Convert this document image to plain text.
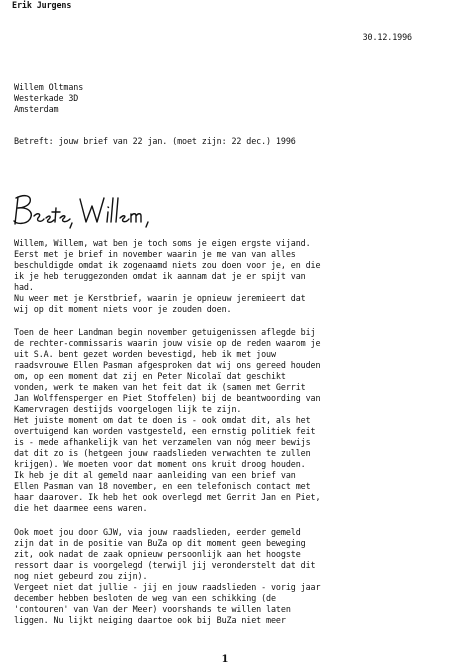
Erik Jurgens
30.12.1996
Willem Oltmans
Westerkade 3D
Amsterdam
Betreft: jouw brief van 22 jan. (moet zijn: 22 dec.) 1996
Willem, Willem, wat ben je toch soms je eigen ergste vijand.
Eerst met je brief in november waarin je me van van alles
beschuldigde omdat ik zogenaamd niets zou doen voor je, en die
ik je heb teruggezonden omdat ik aannam dat je er spijt van
had.
Nu weer met je Kerstbrief, waarin je opnieuw jeremieert dat
wij op dit moment niets voor je zouden doen.
Toen de heer Landman begin november getuigenissen aflegde bij
de rechter-commissaris waarin jouw visie op de reden waarom je
uit S.A. bent gezet worden bevestigd, heb ik met jouw
raadsvrouwe Ellen Pasman afgesproken dat wij ons gereed houden
om, op een moment dat zij en Peter Nicolaï dat geschikt
vonden, werk te maken van het feit dat ik (samen met Gerrit
Jan Wolffensperger en Piet Stoffelen) bij de beantwoording van
Kamervragen destijds voorgelogen lijk te zijn.
Het juiste moment om dat te doen is - ook omdat dit, als het
overtuigend kan worden vastgesteld, een ernstig politiek feit
is - mede afhankelijk van het verzamelen van nóg meer bewijs
dat dit zo is (hetgeen jouw raadslieden verwachten te zullen
krijgen). We moeten voor dat moment ons kruit droog houden.
Ik heb je dit al gemeld naar aanleiding van een brief van
Ellen Pasman van 18 november, en een telefonisch contact met
haar daarover. Ik heb het ook overlegd met Gerrit Jan en Piet,
die het daarmee eens waren.
Ook moet jou door GJW, via jouw raadslieden, eerder gemeld
zijn dat in de positie van BuZa op dit moment geen beweging
zit, ook nadat de zaak opnieuw persoonlijk aan het hoogste
ressort daar is voorgelegd (terwijl jij veronderstelt dat dit
nog niet gebeurd zou zijn).
Vergeet niet dat jullie - jij en jouw raadslieden - vorig jaar
december hebben besloten de weg van een schikking (de
'contouren' van Van der Meer) voorshands te willen laten
liggen. Nu lijkt neiging daartoe ook bij BuZa niet meer
1
